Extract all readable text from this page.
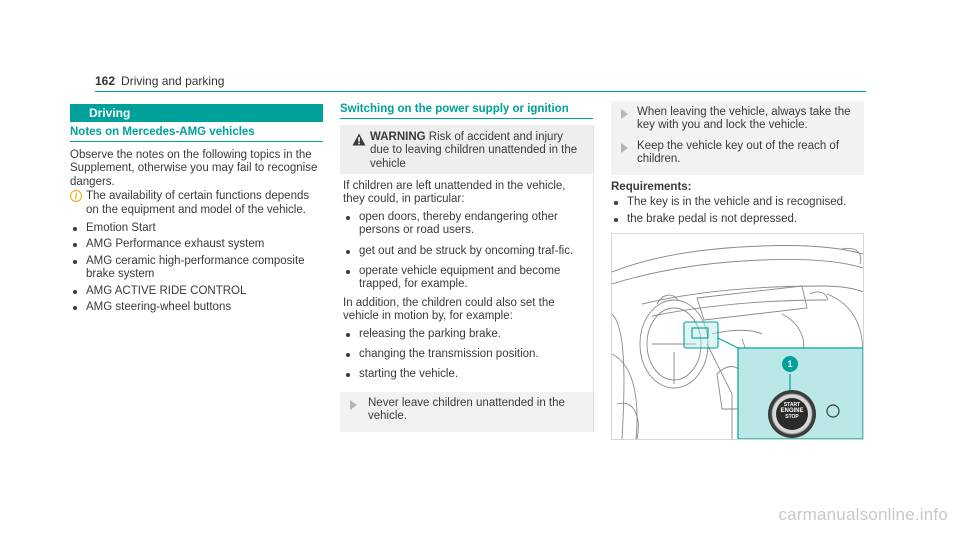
162 Driving and parking
Driving
Notes on Mercedes-AMG vehicles
Observe the notes on the following topics in the Supplement, otherwise you may fail to recognise dangers.
i The availability of certain functions depends on the equipment and model of the vehicle.
Emotion Start
AMG Performance exhaust system
AMG ceramic high-performance composite brake system
AMG ACTIVE RIDE CONTROL
AMG steering-wheel buttons
Switching on the power supply or ignition
WARNING Risk of accident and injury due to leaving children unattended in the vehicle
If children are left unattended in the vehicle, they could, in particular:
open doors, thereby endangering other persons or road users.
get out and be struck by oncoming traf-fic.
operate vehicle equipment and become trapped, for example.
In addition, the children could also set the vehicle in motion by, for example:
releasing the parking brake.
changing the transmission position.
starting the vehicle.
Never leave children unattended in the vehicle.
When leaving the vehicle, always take the key with you and lock the vehicle.
Keep the vehicle key out of the reach of children.
Requirements:
The key is in the vehicle and is recognised.
the brake pedal is not depressed.
1
START
ENGINE
STOP
carmanualsonline.info
